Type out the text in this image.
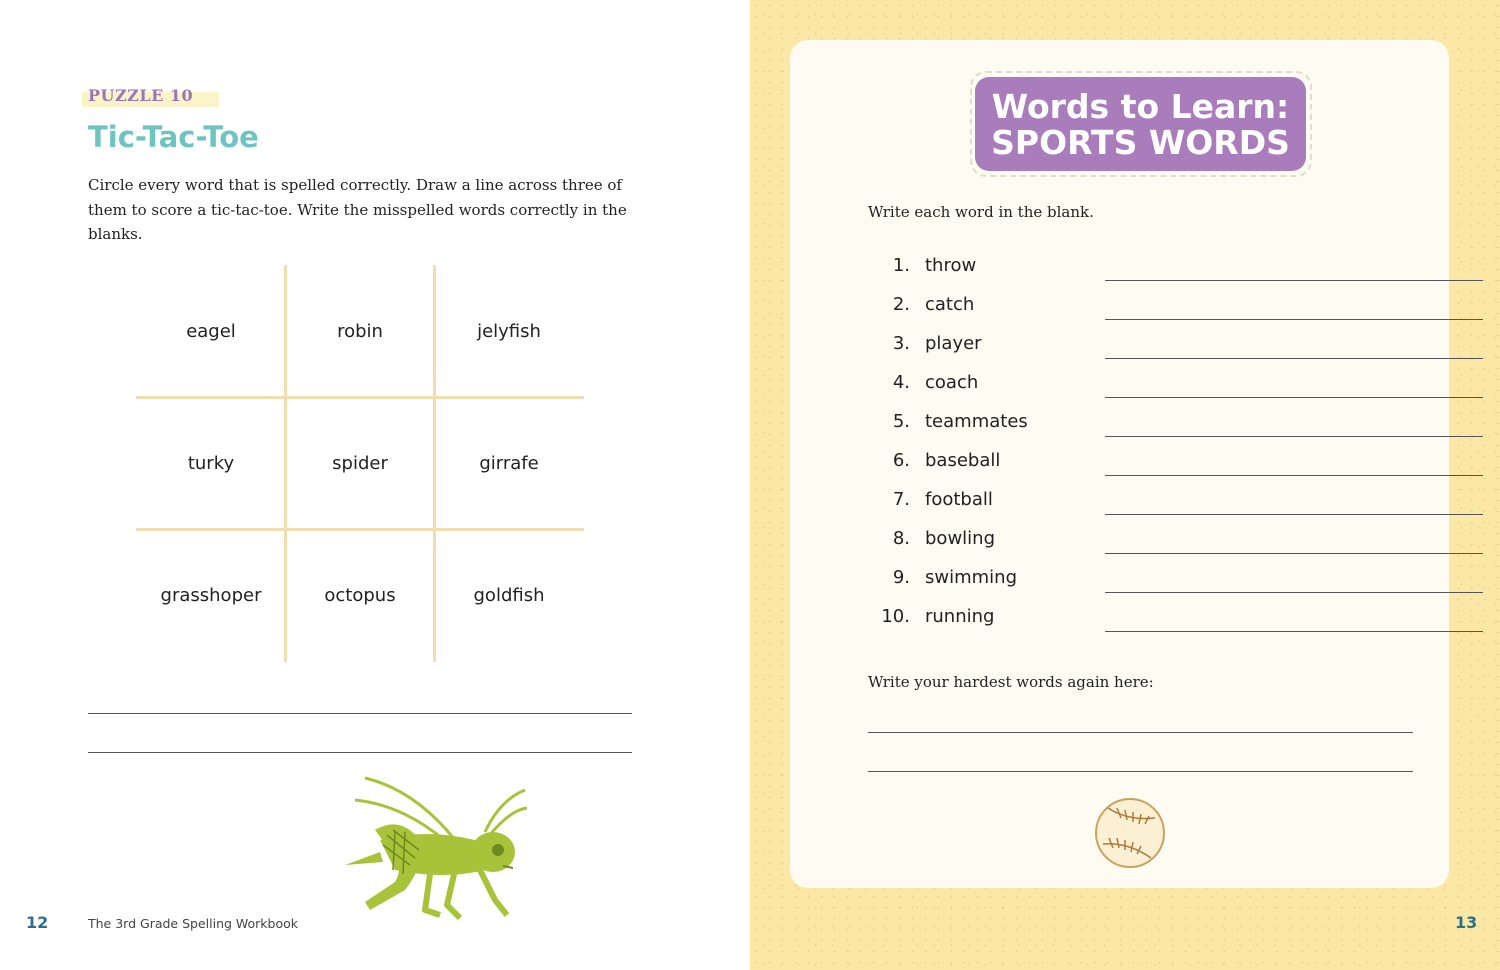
PUZZLE 10
Tic-Tac-Toe
Circle every word that is spelled correctly. Draw a line across three of them to score a tic-tac-toe. Write the misspelled words correctly in the blanks.
eagel	robin	jelyfish
turky	spider	girrafe
grasshoper	octopus	goldfish
12	The 3rd Grade Spelling Workbook
Words to Learn:
SPORTS WORDS
Write each word in the blank.
1. throw
2. catch
3. player
4. coach
5. teammates
6. baseball
7. football
8. bowling
9. swimming
10. running
Write your hardest words again here:
13
